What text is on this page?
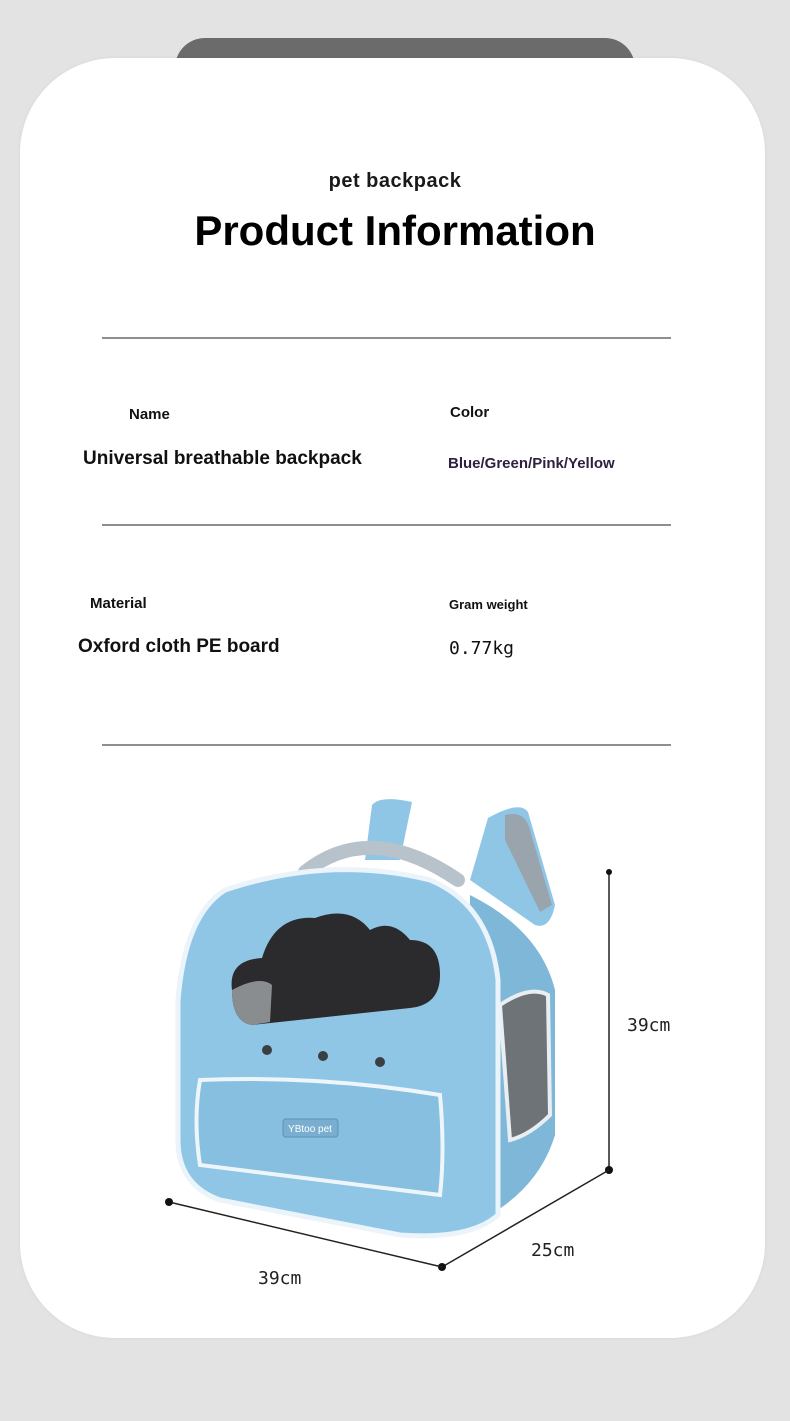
pet backpack
Product Information
Name
Universal breathable backpack
Color
Blue/Green/Pink/Yellow
Material
Oxford cloth PE board
Gram weight
0.77kg
YBtoo pet
39cm
25cm
39cm
